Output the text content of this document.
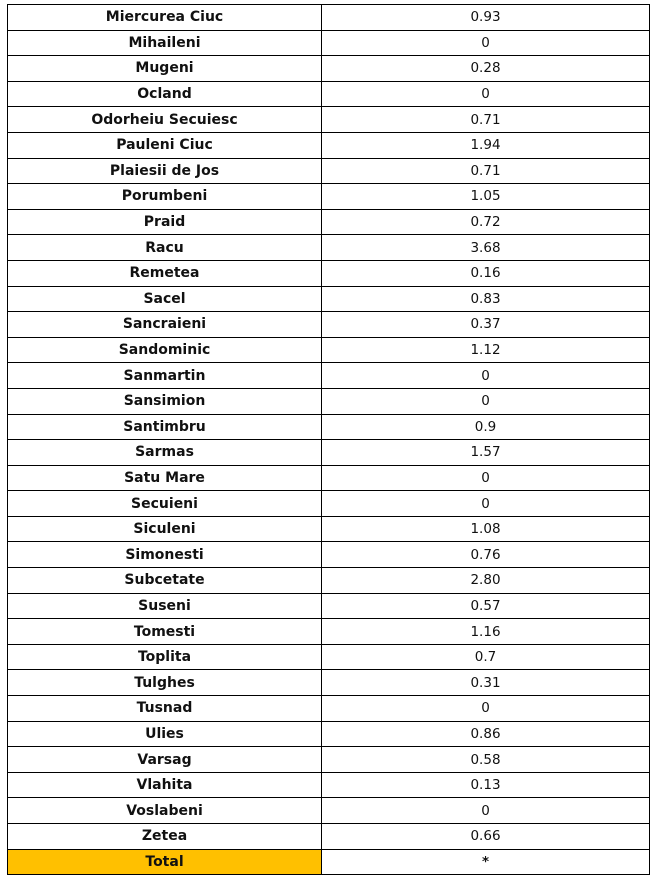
Miercurea Ciuc	0.93
Mihaileni	0
Mugeni	0.28
Ocland	0
Odorheiu Secuiesc	0.71
Pauleni Ciuc	1.94
Plaiesii de Jos	0.71
Porumbeni	1.05
Praid	0.72
Racu	3.68
Remetea	0.16
Sacel	0.83
Sancraieni	0.37
Sandominic	1.12
Sanmartin	0
Sansimion	0
Santimbru	0.9
Sarmas	1.57
Satu Mare	0
Secuieni	0
Siculeni	1.08
Simonesti	0.76
Subcetate	2.80
Suseni	0.57
Tomesti	1.16
Toplita	0.7
Tulghes	0.31
Tusnad	0
Ulies	0.86
Varsag	0.58
Vlahita	0.13
Voslabeni	0
Zetea	0.66
Total	*
